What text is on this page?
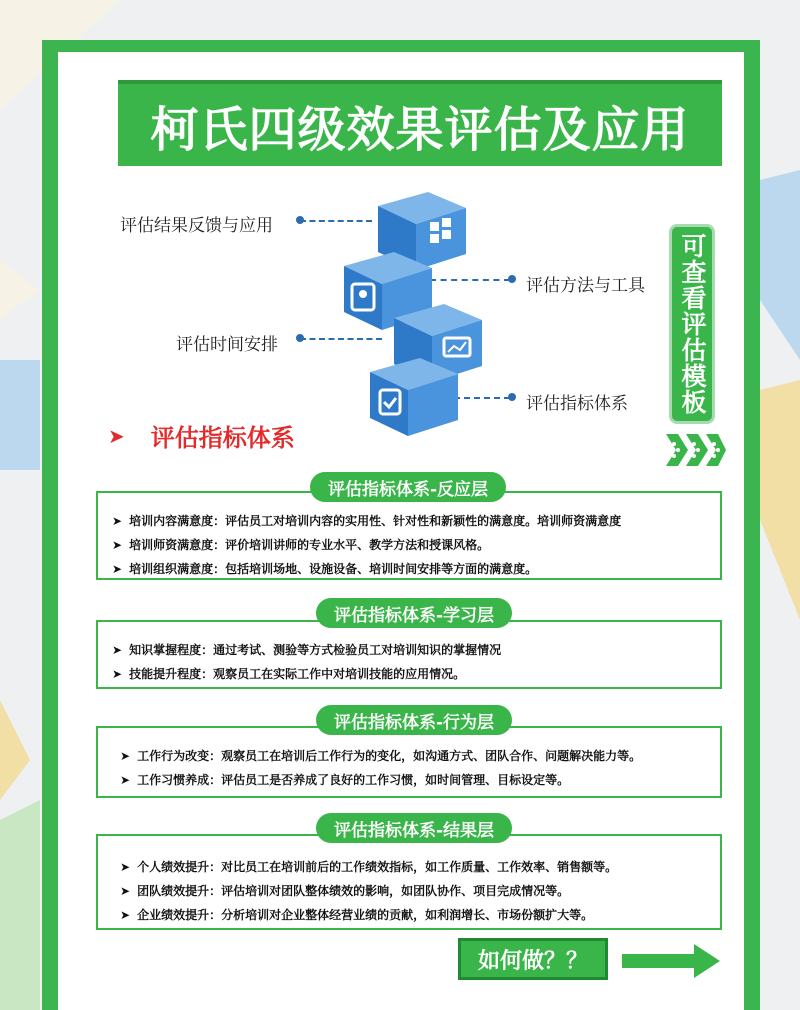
柯氏四级效果评估及应用
评估结果反馈与应用
评估方法与工具
评估时间安排
评估指标体系 可查看评估模板
➤ 评估指标体系
➤ 培训内容满意度：评估员工对培训内容的实用性、针对性和新颖性的满意度。培训师资满意度
➤ 培训师资满意度：评价培训讲师的专业水平、教学方法和授课风格。
➤ 培训组织满意度：包括培训场地、设施设备、培训时间安排等方面的满意度。
评估指标体系-反应层
➤ 知识掌握程度：通过考试、测验等方式检验员工对培训知识的掌握情况
➤ 技能提升程度：观察员工在实际工作中对培训技能的应用情况。
评估指标体系-学习层
➤ 工作行为改变：观察员工在培训后工作行为的变化，如沟通方式、团队合作、问题解决能力等。
➤ 工作习惯养成：评估员工是否养成了良好的工作习惯，如时间管理、目标设定等。
评估指标体系-行为层
➤ 个人绩效提升：对比员工在培训前后的工作绩效指标，如工作质量、工作效率、销售额等。
➤ 团队绩效提升：评估培训对团队整体绩效的影响，如团队协作、项目完成情况等。
➤ 企业绩效提升：分析培训对企业整体经营业绩的贡献，如利润增长、市场份额扩大等。
评估指标体系-结果层
如何做？？
